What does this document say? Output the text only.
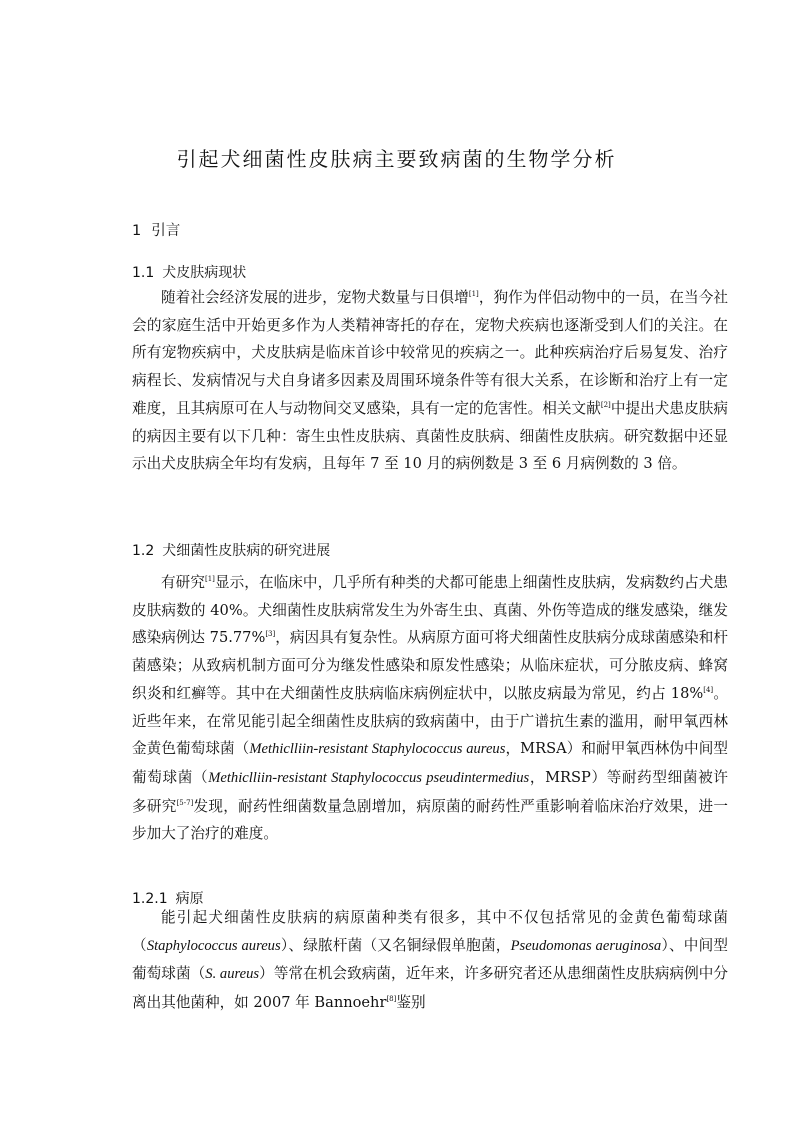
引起犬细菌性皮肤病主要致病菌的生物学分析
1 引言
1.1 犬皮肤病现状

随着社会经济发展的进步，宠物犬数量与日俱增[1]，狗作为伴侣动物中的一员，在当今社会的家庭生活中开始更多作为人类精神寄托的存在，宠物犬疾病也逐渐受到人们的关注。在所有宠物疾病中，犬皮肤病是临床首诊中较常见的疾病之一。此种疾病治疗后易复发、治疗病程长、发病情况与犬自身诸多因素及周围环境条件等有很大关系，在诊断和治疗上有一定难度，且其病原可在人与动物间交叉感染，具有一定的危害性。相关文献[2]中提出犬患皮肤病的病因主要有以下几种：寄生虫性皮肤病、真菌性皮肤病、细菌性皮肤病。研究数据中还显示出犬皮肤病全年均有发病，且每年 7 至 10 月的病例数是 3 至 6 月病例数的 3 倍。

1.2 犬细菌性皮肤病的研究进展

有研究[1]显示，在临床中，几乎所有种类的犬都可能患上细菌性皮肤病，发病数约占犬患皮肤病数的 40%。犬细菌性皮肤病常发生为外寄生虫、真菌、外伤等造成的继发感染，继发感染病例达 75.77%[3]，病因具有复杂性。从病原方面可将犬细菌性皮肤病分成球菌感染和杆菌感染；从致病机制方面可分为继发性感染和原发性感染；从临床症状，可分脓皮病、蜂窝织炎和红癣等。其中在犬细菌性皮肤病临床病例症状中，以脓皮病最为常见，约占 18%[4]。近些年来，在常见能引起全细菌性皮肤病的致病菌中，由于广谱抗生素的滥用，耐甲氧西林金黄色葡萄球菌（Methiclliin-resistant Staphylococcus aureus，MRSA）和耐甲氧西林伪中间型葡萄球菌（Methiclliin-resistant Staphylococcus pseudintermedius，MRSP）等耐药型细菌被许多研究[5-7]发现，耐药性细菌数量急剧增加，病原菌的耐药性严重影响着临床治疗效果，进一步加大了治疗的难度。

1.2.1 病原

能引起犬细菌性皮肤病的病原菌种类有很多，其中不仅包括常见的金黄色葡萄球菌（Staphylococcus aureus）、绿脓杆菌（又名铜绿假单胞菌，Pseudomonas aeruginosa）、中间型葡萄球菌（S. aureus）等常在机会致病菌，近年来，许多研究者还从患细菌性皮肤病病例中分离出其他菌种，如 2007 年 Bannoehr[8]鉴别
